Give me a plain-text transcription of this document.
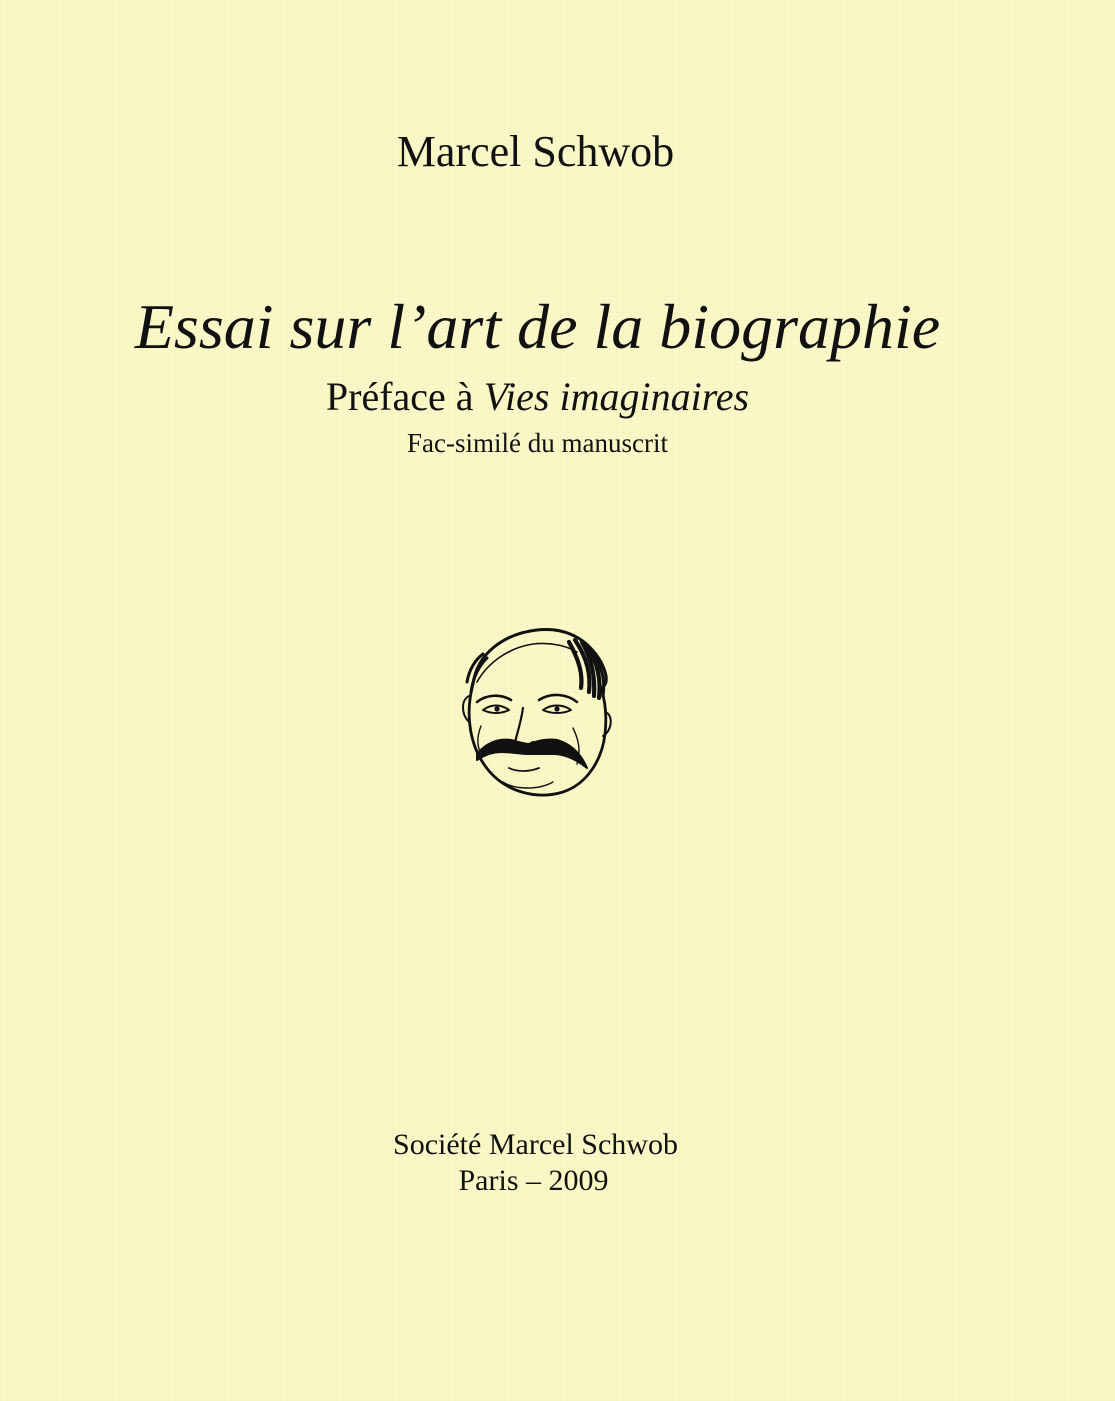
Marcel Schwob
Essai sur l’art de la biographie
Préface à Vies imaginaires
Fac-similé du manuscrit
Société Marcel Schwob
Paris – 2009
